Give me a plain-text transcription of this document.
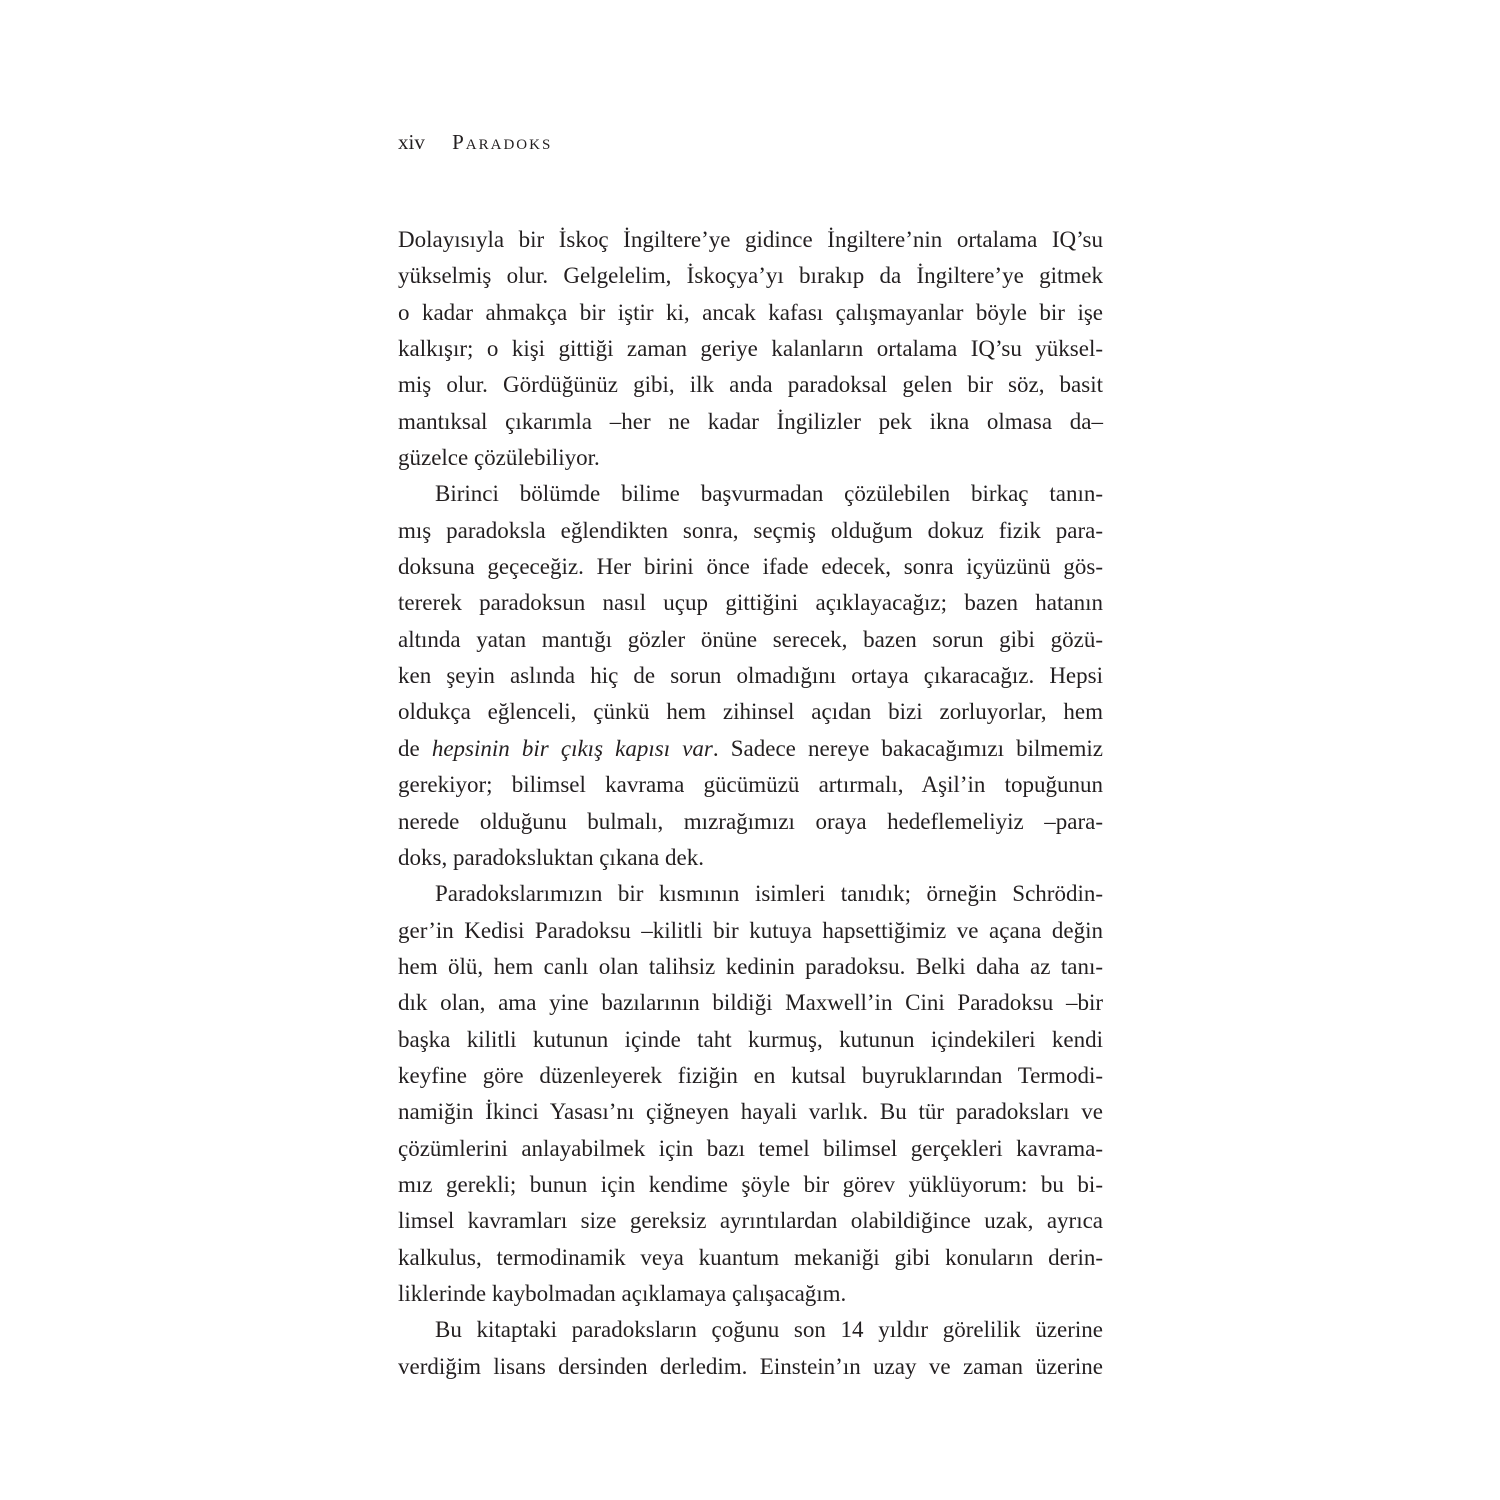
xiv Paradoks
Dolayısıyla bir İskoç İngiltere’ye gidince İngiltere’nin ortalama IQ’su
yükselmiş olur. Gelgelelim, İskoçya’yı bırakıp da İngiltere’ye gitmek
o kadar ahmakça bir iştir ki, ancak kafası çalışmayanlar böyle bir işe
kalkışır; o kişi gittiği zaman geriye kalanların ortalama IQ’su yüksel-
miş olur. Gördüğünüz gibi, ilk anda paradoksal gelen bir söz, basit
mantıksal çıkarımla –her ne kadar İngilizler pek ikna olmasa da–
güzelce çözülebiliyor.
Birinci bölümde bilime başvurmadan çözülebilen birkaç tanın-
mış paradoksla eğlendikten sonra, seçmiş olduğum dokuz fizik para-
doksuna geçeceğiz. Her birini önce ifade edecek, sonra içyüzünü gös-
tererek paradoksun nasıl uçup gittiğini açıklayacağız; bazen hatanın
altında yatan mantığı gözler önüne serecek, bazen sorun gibi gözü-
ken şeyin aslında hiç de sorun olmadığını ortaya çıkaracağız. Hepsi
oldukça eğlenceli, çünkü hem zihinsel açıdan bizi zorluyorlar, hem
de hepsinin bir çıkış kapısı var. Sadece nereye bakacağımızı bilmemiz
gerekiyor; bilimsel kavrama gücümüzü artırmalı, Aşil’in topuğunun
nerede olduğunu bulmalı, mızrağımızı oraya hedeflemeliyiz –para-
doks, paradoksluktan çıkana dek.
Paradokslarımızın bir kısmının isimleri tanıdık; örneğin Schrödin-
ger’in Kedisi Paradoksu –kilitli bir kutuya hapsettiğimiz ve açana değin
hem ölü, hem canlı olan talihsiz kedinin paradoksu. Belki daha az tanı-
dık olan, ama yine bazılarının bildiği Maxwell’in Cini Paradoksu –bir
başka kilitli kutunun içinde taht kurmuş, kutunun içindekileri kendi
keyfine göre düzenleyerek fiziğin en kutsal buyruklarından Termodi-
namiğin İkinci Yasası’nı çiğneyen hayali varlık. Bu tür paradoksları ve
çözümlerini anlayabilmek için bazı temel bilimsel gerçekleri kavrama-
mız gerekli; bunun için kendime şöyle bir görev yüklüyorum: bu bi-
limsel kavramları size gereksiz ayrıntılardan olabildiğince uzak, ayrıca
kalkulus, termodinamik veya kuantum mekaniği gibi konuların derin-
liklerinde kaybolmadan açıklamaya çalışacağım.
Bu kitaptaki paradoksların çoğunu son 14 yıldır görelilik üzerine
verdiğim lisans dersinden derledim. Einstein’ın uzay ve zaman üzerine
